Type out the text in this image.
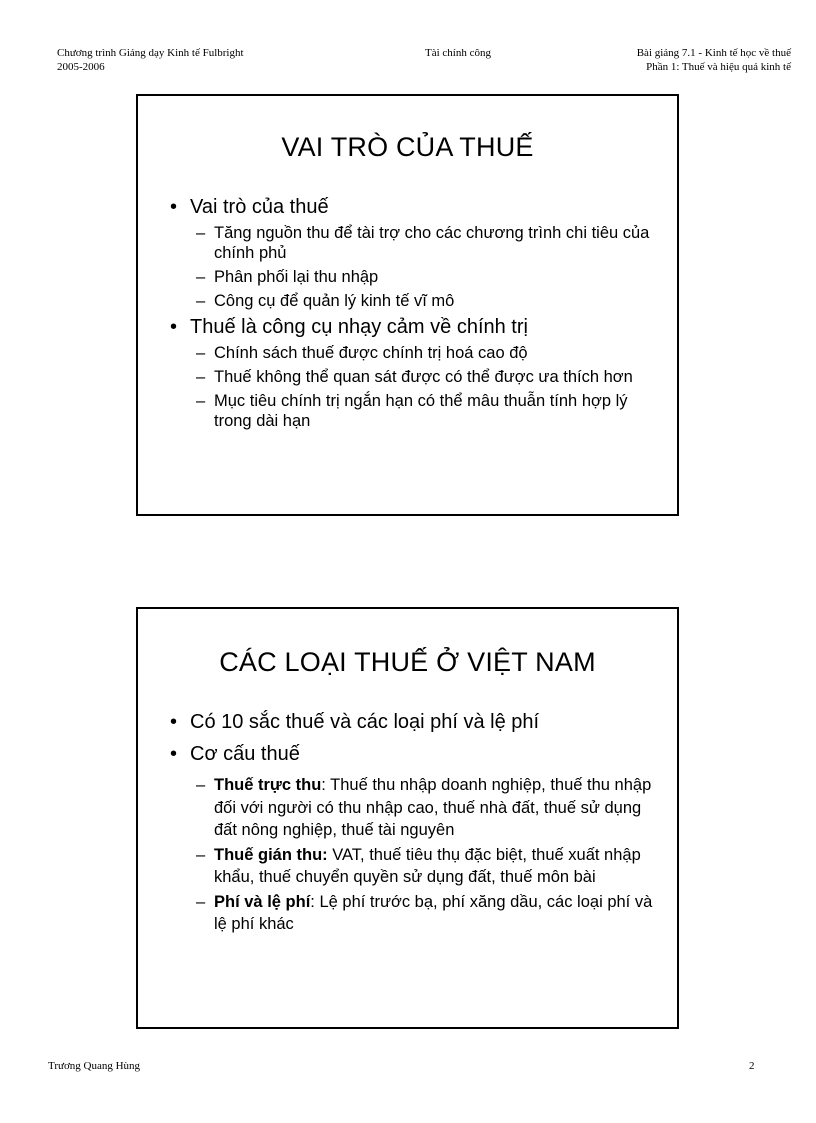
Chương trình Giảng dạy Kinh tế Fulbright
2005-2006
Tài chính công	Bài giảng 7.1 - Kinh tế học về thuế
Phần 1: Thuế và hiệu quả kinh tế
VAI TRÒ CỦA THUẾ
• Vai trò của thuế
– Tăng nguồn thu để tài trợ cho các chương trình chi tiêu của chính phủ
– Phân phối lại thu nhập
– Công cụ để quản lý kinh tế vĩ mô
• Thuế là công cụ nhạy cảm về chính trị
– Chính sách thuế được chính trị hoá cao độ
– Thuế không thể quan sát được có thể được ưa thích hơn
– Mục tiêu chính trị ngắn hạn có thể mâu thuẫn tính hợp lý trong dài hạn
CÁC LOẠI THUẾ Ở VIỆT NAM
• Có 10 sắc thuế và các loại phí và lệ phí
• Cơ cấu thuế
– Thuế trực thu: Thuế thu nhập doanh nghiệp, thuế thu nhập đối với người có thu nhập cao, thuế nhà đất, thuế sử dụng đất nông nghiệp, thuế tài nguyên
– Thuế gián thu: VAT, thuế tiêu thụ đặc biệt, thuế xuất nhập khẩu, thuế chuyển quyền sử dụng đất, thuế môn bài
– Phí và lệ phí: Lệ phí trước bạ, phí xăng dầu, các loại phí và lệ phí khác
Trương Quang Hùng	2
